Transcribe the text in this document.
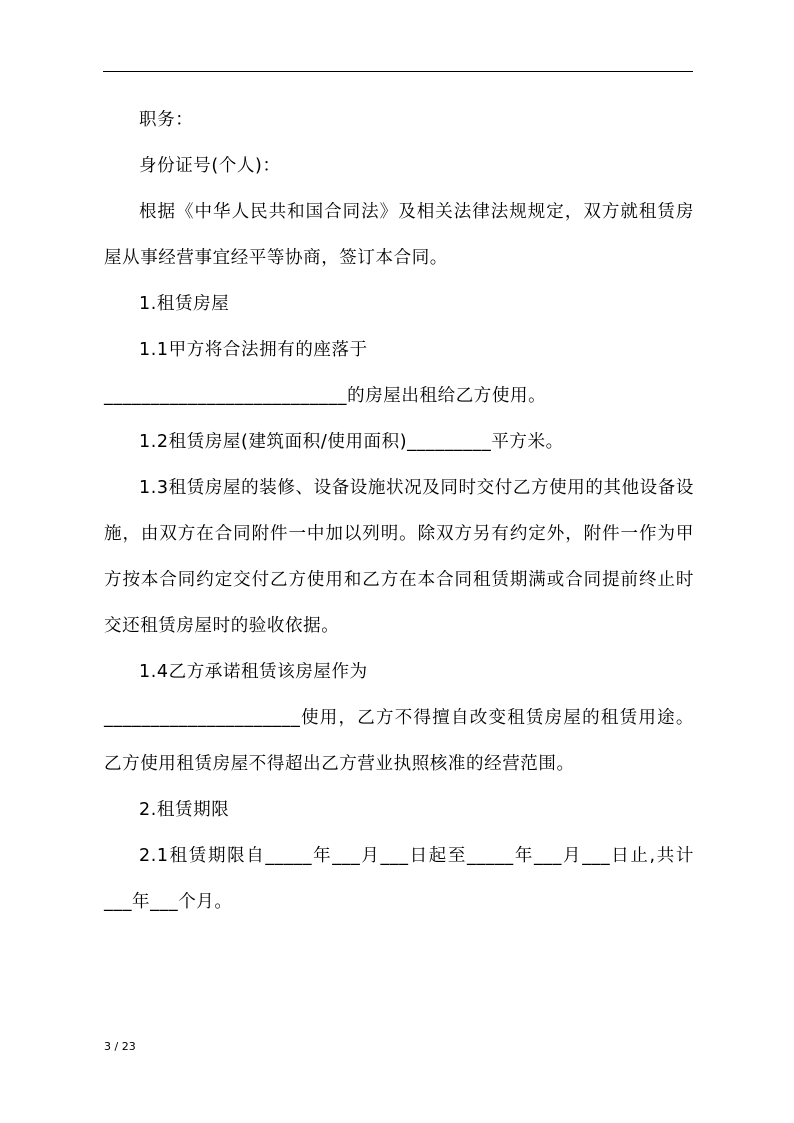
职务：

身份证号(个人)：

根据《中华人民共和国合同法》及相关法律法规规定，双方就租赁房屋从事经营事宜经平等协商，签订本合同。

1.租赁房屋

1.1甲方将合法拥有的座落于

__________________________的房屋出租给乙方使用。

1.2租赁房屋(建筑面积/使用面积)_________平方米。

1.3租赁房屋的装修、设备设施状况及同时交付乙方使用的其他设备设施，由双方在合同附件一中加以列明。除双方另有约定外，附件一作为甲方按本合同约定交付乙方使用和乙方在本合同租赁期满或合同提前终止时交还租赁房屋时的验收依据。

1.4乙方承诺租赁该房屋作为

_____________________使用，乙方不得擅自改变租赁房屋的租赁用途。乙方使用租赁房屋不得超出乙方营业执照核准的经营范围。

2.租赁期限

2.1租赁期限自_____年___月___日起至_____年___月___日止,共计___年___个月。

3 / 23
